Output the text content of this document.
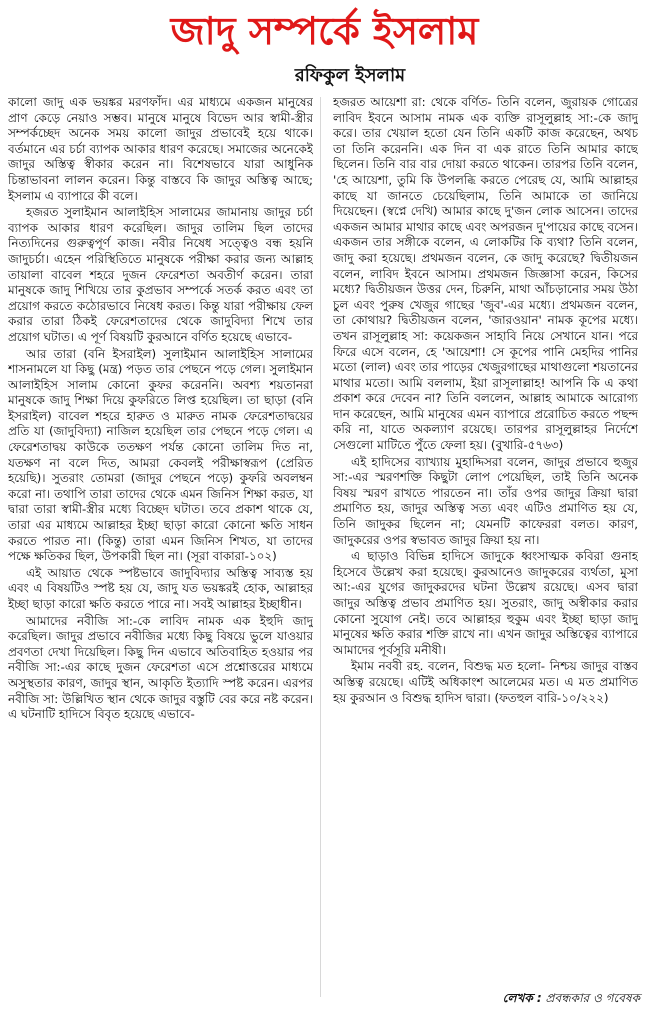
জাদু সম্পর্কে ইসলাম
রফিকুল ইসলাম

কালো জাদু এক ভয়ঙ্কর মরণফাঁদ। এর মাধ্যমে একজন মানুষের প্রাণ কেড়ে নেয়াও সম্ভব। মানুষে মানুষে বিভেদ আর স্বামী-স্ত্রীর সম্পর্কচ্ছেদ অনেক সময় কালো জাদুর প্রভাবেই হয়ে থাকে। বর্তমানে এর চর্চা ব্যাপক আকার ধারণ করেছে। সমাজের অনেকেই জাদুর অস্তিত্ব স্বীকার করেন না। বিশেষভাবে যারা আধুনিক চিন্তাভাবনা লালন করেন। কিন্তু বাস্তবে কি জাদুর অস্তিত্ব আছে; ইসলাম এ ব্যাপারে কী বলে।

হজরত সুলাইমান আলাইহিস সালামের জামানায় জাদুর চর্চা ব্যাপক আকার ধারণ করেছিল। জাদুর তালিম ছিল তাদের নিত্যদিনের গুরুত্বপূর্ণ কাজ। নবীর নিষেধ সত্ত্বেও বন্ধ হয়নি জাদুচর্চা। এহেন পরিস্থিতিতে মানুষকে পরীক্ষা করার জন্য আল্লাহ তায়ালা বাবেল শহরে দুজন ফেরেশতা অবতীর্ণ করেন। তারা মানুষকে জাদু শিখিয়ে তার কুপ্রভাব সম্পর্কে সতর্ক করত এবং তা প্রয়োগ করতে কঠোরভাবে নিষেধ করত। কিন্তু যারা পরীক্ষায় ফেল করার তারা ঠিকই ফেরেশতাদের থেকে জাদুবিদ্যা শিখে তার প্রয়োগ ঘটাত। এ পূর্ণ বিষয়টি কুরআনে বর্ণিত হয়েছে এভাবে-

আর তারা (বনি ইসরাইল) সুলাইমান আলাইহিস সালামের শাসনামলে যা কিছু (মন্ত্র) পড়ত তার পেছনে পড়ে গেল। সুলাইমান আলাইহিস সালাম কোনো কুফর করেননি। অবশ্য শয়তানরা মানুষকে জাদু শিক্ষা দিয়ে কুফরিতে লিপ্ত হয়েছিল। তা ছাড়া (বনি ইসরাইল) বাবেল শহরে হারুত ও মারুত নামক ফেরেশতাদ্বয়ের প্রতি যা (জাদুবিদ্যা) নাজিল হয়েছিল তার পেছনে পড়ে গেল। এ ফেরেশতাদ্বয় কাউকে ততক্ষণ পর্যন্ত কোনো তালিম দিত না, যতক্ষণ না বলে দিত, আমরা কেবলই পরীক্ষাস্বরূপ (প্রেরিত হয়েছি)। সুতরাং তোমরা (জাদুর পেছনে পড়ে) কুফরি অবলম্বন করো না। তথাপি তারা তাদের থেকে এমন জিনিস শিক্ষা করত, যা দ্বারা তারা স্বামী-স্ত্রীর মধ্যে বিচ্ছেদ ঘটাত। তবে প্রকাশ থাকে যে, তারা এর মাধ্যমে আল্লাহর ইচ্ছা ছাড়া কারো কোনো ক্ষতি সাধন করতে পারত না। (কিন্তু) তারা এমন জিনিস শিখত, যা তাদের পক্ষে ক্ষতিকর ছিল, উপকারী ছিল না। (সূরা বাকারা-১০২)

এই আয়াত থেকে স্পষ্টভাবে জাদুবিদ্যার অস্তিত্ব সাব্যস্ত হয় এবং এ বিষয়টিও স্পষ্ট হয় যে, জাদু যত ভয়ঙ্করই হোক, আল্লাহর ইচ্ছা ছাড়া কারো ক্ষতি করতে পারে না। সবই আল্লাহর ইচ্ছাধীন।

আমাদের নবীজি সা:-কে লাবিদ নামক এক ইহুদি জাদু করেছিল। জাদুর প্রভাবে নবীজির মধ্যে কিছু বিষয়ে ভুলে যাওয়ার প্রবণতা দেখা দিয়েছিল। কিছু দিন এভাবে অতিবাহিত হওয়ার পর নবীজি সা:-এর কাছে দুজন ফেরেশতা এসে প্রশ্নোত্তরের মাধ্যমে অসুস্থতার কারণ, জাদুর স্থান, আকৃতি ইত্যাদি স্পষ্ট করেন। এরপর নবীজি সা: উল্লিখিত স্থান থেকে জাদুর বস্তুটি বের করে নষ্ট করেন। এ ঘটনাটি হাদিসে বিবৃত হয়েছে এভাবে-

হজরত আয়েশা রা: থেকে বর্ণিত- তিনি বলেন, জুরায়ক গোত্রের লাবিদ ইবনে আসাম নামক এক ব্যক্তি রাসূলুল্লাহ সা:-কে জাদু করে। তার খেয়াল হতো যেন তিনি একটি কাজ করেছেন, অথচ তা তিনি করেননি। এক দিন বা এক রাতে তিনি আমার কাছে ছিলেন। তিনি বার বার দোয়া করতে থাকেন। তারপর তিনি বলেন, 'হে আয়েশা, তুমি কি উপলব্ধি করতে পেরেছ যে, আমি আল্লাহর কাছে যা জানতে চেয়েছিলাম, তিনি আমাকে তা জানিয়ে দিয়েছেন। (স্বপ্নে দেখি) আমার কাছে দু'জন লোক আসেন। তাদের একজন আমার মাথার কাছে এবং অপরজন দু'পায়ের কাছে বসেন। একজন তার সঙ্গীকে বলেন, এ লোকটির কি ব্যথা? তিনি বলেন, জাদু করা হয়েছে। প্রথমজন বলেন, কে জাদু করেছে? দ্বিতীয়জন বলেন, লাবিদ ইবনে আসাম। প্রথমজন জিজ্ঞাসা করেন, কিসের মধ্যে? দ্বিতীয়জন উত্তর দেন, চিরুনি, মাথা আঁচড়ানোর সময় উঠা চুল এবং পুরুষ খেজুর গাছের 'জুব'-এর মধ্যে। প্রথমজন বলেন, তা কোথায়? দ্বিতীয়জন বলেন, 'জারওয়ান' নামক কূপের মধ্যে। তখন রাসূলুল্লাহ সা: কয়েকজন সাহাবি নিয়ে সেখানে যান। পরে ফিরে এসে বলেন, হে 'আয়েশা! সে কূপের পানি মেহদির পানির মতো (লাল) এবং তার পাড়ের খেজুরগাছের মাথাগুলো শয়তানের মাথার মতো। আমি বললাম, ইয়া রাসূলাল্লাহ! আপনি কি এ কথা প্রকাশ করে দেবেন না? তিনি বললেন, আল্লাহ আমাকে আরোগ্য দান করেছেন, আমি মানুষের এমন ব্যাপারে প্ররোচিত করতে পছন্দ করি না, যাতে অকল্যাণ রয়েছে। তারপর রাসূলুল্লাহর নির্দেশে সেগুলো মাটিতে পুঁতে ফেলা হয়। (বুখারি-৫৭৬৩)

এই হাদিসের ব্যাখ্যায় মুহাদ্দিসরা বলেন, জাদুর প্রভাবে হুজুর সা:-এর স্মরণশক্তি কিছুটা লোপ পেয়েছিল, তাই তিনি অনেক বিষয় স্মরণ রাখতে পারতেন না। তাঁর ওপর জাদুর ক্রিয়া দ্বারা প্রমাণিত হয়, জাদুর অস্তিত্ব সত্য এবং এটিও প্রমাণিত হয় যে, তিনি জাদুকর ছিলেন না; যেমনটি কাফেররা বলত। কারণ, জাদুকরের ওপর স্বভাবত জাদুর ক্রিয়া হয় না।

এ ছাড়াও বিভিন্ন হাদিসে জাদুকে ধ্বংসাত্মক কবিরা গুনাহ হিসেবে উল্লেখ করা হয়েছে। কুরআনেও জাদুকরের ব্যর্থতা, মুসা আ:-এর যুগের জাদুকরদের ঘটনা উল্লেখ রয়েছে। এসব দ্বারা জাদুর অস্তিত্ব প্রভাব প্রমাণিত হয়। সুতরাং, জাদু অস্বীকার করার কোনো সুযোগ নেই। তবে আল্লাহর হুকুম এবং ইচ্ছা ছাড়া জাদু মানুষের ক্ষতি করার শক্তি রাখে না। এখন জাদুর অস্তিত্বের ব্যাপারে আমাদের পূর্বসূরি মনীষী।

ইমাম নববী রহ. বলেন, বিশুদ্ধ মত হলো- নিশ্চয় জাদুর বাস্তব অস্তিত্ব রয়েছে। এটিই অধিকাংশ আলেমের মত। এ মত প্রমাণিত হয় কুরআন ও বিশুদ্ধ হাদিস দ্বারা। (ফতহুল বারি-১০/২২২)

লেখক : প্রবন্ধকার ও গবেষক
